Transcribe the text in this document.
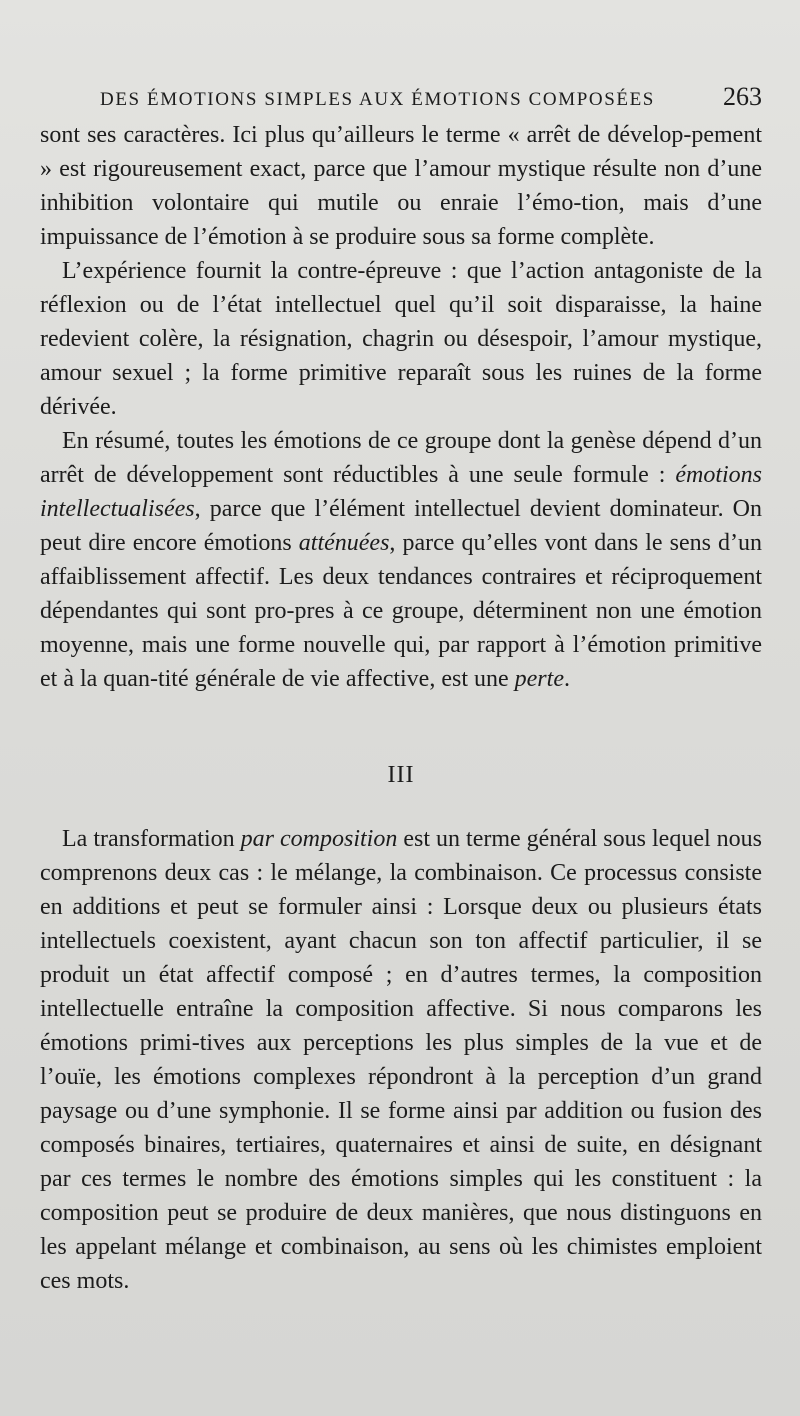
DES ÉMOTIONS SIMPLES AUX ÉMOTIONS COMPOSÉES	263

sont ses caractères. Ici plus qu’ailleurs le terme « arrêt de dévelop-pement » est rigoureusement exact, parce que l’amour mystique résulte non d’une inhibition volontaire qui mutile ou enraie l’émo-tion, mais d’une impuissance de l’émotion à se produire sous sa forme complète.

L’expérience fournit la contre-épreuve : que l’action antagoniste de la réflexion ou de l’état intellectuel quel qu’il soit disparaisse, la haine redevient colère, la résignation, chagrin ou désespoir, l’amour mystique, amour sexuel ; la forme primitive reparaît sous les ruines de la forme dérivée.

En résumé, toutes les émotions de ce groupe dont la genèse dépend d’un arrêt de développement sont réductibles à une seule formule : émotions intellectualisées, parce que l’élément intellectuel devient dominateur. On peut dire encore émotions atténuées, parce qu’elles vont dans le sens d’un affaiblissement affectif. Les deux tendances contraires et réciproquement dépendantes qui sont pro-pres à ce groupe, déterminent non une émotion moyenne, mais une forme nouvelle qui, par rapport à l’émotion primitive et à la quan-tité générale de vie affective, est une perte.

III

La transformation par composition est un terme général sous lequel nous comprenons deux cas : le mélange, la combinaison. Ce processus consiste en additions et peut se formuler ainsi : Lorsque deux ou plusieurs états intellectuels coexistent, ayant chacun son ton affectif particulier, il se produit un état affectif composé ; en d’autres termes, la composition intellectuelle entraîne la composition affective. Si nous comparons les émotions primi-tives aux perceptions les plus simples de la vue et de l’ouïe, les émotions complexes répondront à la perception d’un grand paysage ou d’une symphonie. Il se forme ainsi par addition ou fusion des composés binaires, tertiaires, quaternaires et ainsi de suite, en désignant par ces termes le nombre des émotions simples qui les constituent : la composition peut se produire de deux manières, que nous distinguons en les appelant mélange et combinaison, au sens où les chimistes emploient ces mots.
